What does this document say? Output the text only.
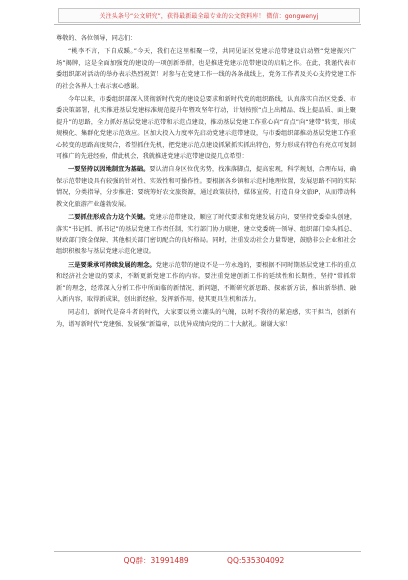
关注头条号“公文研究”，获得最新最全最专业的公文资料库！ 微信：gongwenyj

尊敬的、各位领导，同志们：

“桃李不言，下自成蹊。”今天，我们在这里相聚一堂，共同见证区党建示范带建设启动暨“党建振兴广场”揭牌，这是全面加强党的建设的一项创新举措，也是推进党建示范带建设的启航之作。在此，我谨代表市委组织部对活动的举办表示热烈祝贺！对参与在党建工作一线的各条战线上，党务工作者及关心支持党建工作的社会各界人士表示衷心感谢。

今年以来，市委组织部深入贯彻新时代党的建设总要求和新时代党的组织路线，认真落实自治区党委、市委决策部署，扎实推进基层党建标准规范提升年暨攻坚年行动，计划按照“点上出精品、线上提品质、面上聚提升”的思路，全力抓好基层党建示范带和示范点建设，推动基层党建工作重心向“育点”向“建带”转变，形成规模化、集群化党建示范效应。区加大投入力度率先启动党建示范带建设，与市委组织部推动基层党建工作重心转变的思路高度契合，希望抓住先机，把党建示范点建设抓紧抓实抓出特色，努力形成有特色有亮点可复制可推广的先进经验，借此机会，我就推进党建示范带建设提几点希望：

一要坚持以因地制宜为基础。要认清自身区位优劣势，找准落脚点，提高宏观，科学规划，合理布局，确保示范带建设具有较强的针对性、实效性和可操作性。要根据各乡镇和示范村地理位置，发展思路不同的实际情况，分类指导，分步推进；要统筹好农文旅资源，通过政策扶持，媒体宣传，打造自身文旅IP，从而带动科教文化旅游产业蓬勃发展。

二要抓住形成合力这个关键。党建示范带建设，顺应了时代要求和党建发展方向，要坚持党委牵头创建，落实“书记抓、抓书记”的基层党建工作责任制，实行部门协力联建，建立党委统一领导、组织部门牵头抓总、财政部门资金保障、其他相关部门密切配合的良好格局。同时，注重发动社会力量帮建，鼓励非公企业和社会组织积极参与基层党建示范化建设。

三是要秉承可持续发展的理念。党建示范带的建设不是一劳永逸的，要根据不同时期基层党建工作的重点和经济社会建设的要求，不断更新党建工作的内容。要注重党建创新工作的延续性和长期性，坚持“常抓常新”的理念，经常深入分析工作中所面临的新情况、新问题，不断研究新思路、探索新方法，推出新举措、融入新内容，取得新成果，创出新经验，发挥新作用，使其更具生机和活力。

同志们，新时代是奋斗者的时代，大家要以勇立潮头的气魄，以时不我待的紧迫感，实干担当，创新有为，谱写新时代“党建强、发展强”新篇章，以优异成绩向党的二十大献礼。谢谢大家！

QQ群：31991489	QQ:535304092
